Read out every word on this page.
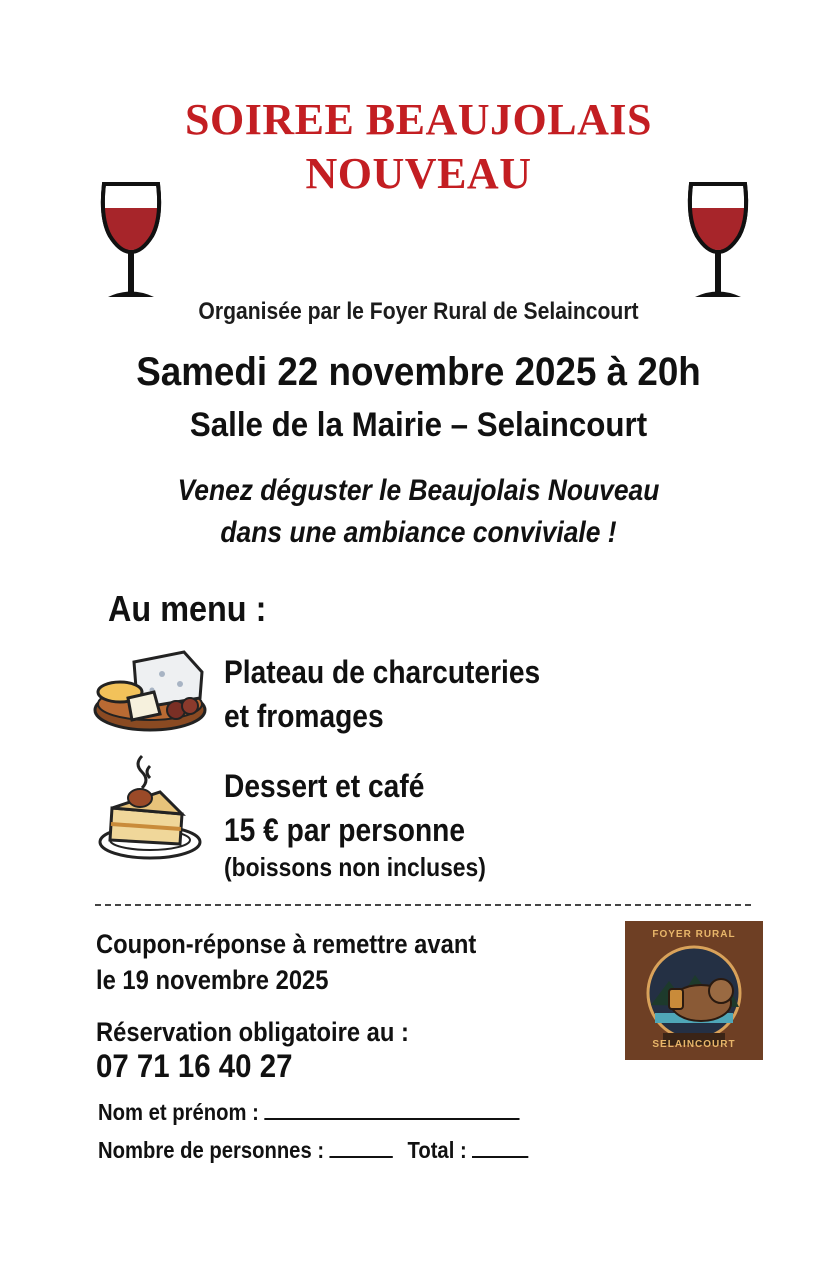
SOIREE BEAUJOLAIS
NOUVEAU
Organisée par le Foyer Rural de Selaincourt
Samedi 22 novembre 2025 à 20h
Salle de la Mairie – Selaincourt
Venez déguster le Beaujolais Nouveau
dans une ambiance conviviale !
Au menu :
Plateau de charcuteries
et fromages
Dessert et café
15 € par personne
(boissons non incluses)
Coupon-réponse à remettre avant
le 19 novembre 2025
Réservation obligatoire au :
07 71 16 40 27
Nom et prénom :
Nombre de personnes :	Total :
FOYER RURAL
SELAINCOURT
